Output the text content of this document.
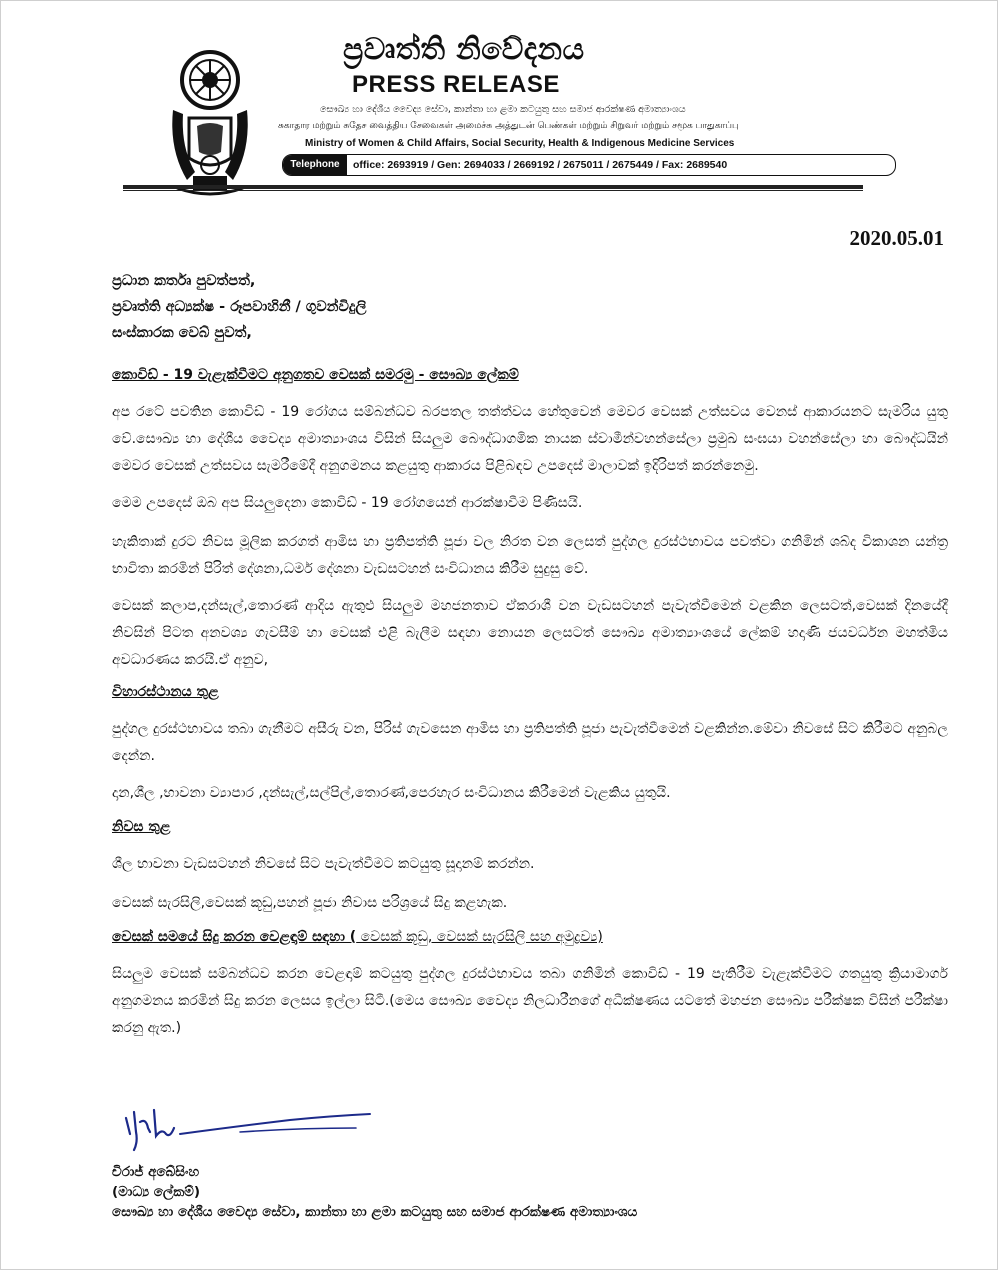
ප්‍රවෘත්ති නිවේදනය
PRESS RELEASE
සෞඛ්‍ය හා දේශීය වෛද්‍ය සේවා, කාන්තා හා ළමා කටයුතු සහ සමාජ ආරක්ෂණ අමාත්‍යාංශය
சுகாதார மற்றும் சுதேச வைத்திய சேவைகள் அமைச்சு அத்துடன் பெண்கள் மற்றும் சிறுவர் மற்றும் சமூக பாதுகாப்பு
Ministry of Women & Child Affairs, Social Security, Health & Indigenous Medicine Services
Telephone	office: 2693919 / Gen: 2694033 / 2669192 / 2675011 / 2675449 / Fax: 2689540
2020.05.01
ප්‍රධාන කර්තෘ පුවත්පත්,
ප්‍රවෘත්ති අධ්‍යක්ෂ - රූපවාහිනී / ගුවන්විදුලි
සංස්කාරක වෙබ් පුවත්,
කොවිඩ් - 19 වැළැක්වීමට අනුගතව වෙසක් සමරමු - සෞඛ්‍ය ලේකම්

අප රටේ පවතින කොවිඩ් - 19 රෝගය සම්බන්ධව බරපතල තත්ත්වය හේතුවෙන් මෙවර වෙසක් උත්සවය වෙනස් ආකාරයනට සැමරිය යුතු වේ.සෞඛ්‍ය හා දේශීය වෛද්‍ය අමාත්‍යාංශය විසින් සියලුම බෞද්ධාගමික නායක ස්වාමීන්වහන්සේලා ප්‍රමුඛ සංඝයා වහන්සේලා හා බෞද්ධයින් මෙවර වෙසක් උත්සවය සැමරීමේදී අනුගමනය කළයුතු ආකාරය පිළිබඳව උපදෙස් මාලාවක් ඉදිරිපත් කරන්නෙමු.

මෙම උපදෙස් ඔබ අප සියලුදෙනා කොවිඩ් - 19 රෝගයෙන් ආරක්ෂාවීම පිණිසයි.

හැකිතාක් දුරට නිවස මූලික කරගත් ආමිස හා ප්‍රතිපත්ති පූජා වල නිරත වන ලෙසත් පුද්ගල දුරස්ථභාවය පවත්වා ගනිමින් ශබ්ද විකාශන යන්ත්‍ර භාවිතා කරමින් පිරිත් දේශනා,ධර්ම දේශනා වැඩසටහන් සංවිධානය කිරීම සුදුසු වේ.

වෙසක් කලාප,දන්සැල්,තොරණ් ආදිය ඇතුළු සියලුම මහජනතාව ඒකරාශී වන වැඩසටහන් පැවැත්වීමෙන් වළකින ලෙසටත්,වෙසක් දිනයේදී නිවසින් පිටත අනවශ්‍ය ගැවසීම් හා වෙසක් එළි බැලීම සඳහා නොයන ලෙසටත් සෞඛ්‍ය අමාත්‍යාංශයේ ලේකම් හදාණි ජයවර්ධන මහත්මිය අවධාරණය කරයි.ඒ අනුව,

විහාරස්ථානය තුළ

පුද්ගල දුරස්ථභාවය තබා ගැනීමට අසීරු වන, පිරිස් ගැවසෙන ආමිස හා ප්‍රතිපත්ති පූජා පැවැත්වීමෙන් වළකින්න.මේවා නිවසේ සිට කිරීමට අනුබල දෙන්න.

දාන,ශීල ,භාවනා ව්‍යාපාර ,දන්සැල්,සල්පිල්,තොරණ්,පෙරහැර සංවිධානය කිරීමෙන් වැළකිය යුතුයි.

නිවස තුළ

ශීල භාවනා වැඩසටහන් නිවසේ සිට පැවැත්වීමට කටයුතු සූදානම් කරන්න.

වෙසක් සැරසිලි,වෙසක් කූඩු,පහන් පූජා නිවාස පරිශ්‍රයේ සිදු කළහැක.

වෙසක් සමයේ සිදු කරන වෙළඳාම් සඳහා ( වෙසක් කූඩු, වෙසක් සැරසිලි සහ අමුද්‍රව්‍ය)

සියලුම වෙසක් සම්බන්ධව කරන වෙළඳාම් කටයුතු පුද්ගල දුරස්ථභාවය තබා ගනිමින් කොවිඩ් - 19 පැතිරීම වැළැක්වීමට ගතයුතු ක්‍රියාමාර්ග අනුගමනය කරමින් සිදු කරන ලෙසය ඉල්ලා සිටී.(මෙය සෞඛ්‍ය වෛද්‍ය නිලධාරීනගේ අධීක්ෂණය යටතේ මහජන සෞඛ්‍ය පරීක්ෂක විසින් පරීක්ෂා කරනු ඇත.)

චිරාජ් අබේසිංහ
(මාධ්‍ය ලේකම්)
සෞඛ්‍ය හා දේශීය වෛද්‍ය සේවා, කාන්තා හා ළමා කටයුතු සහ සමාජ ආරක්ෂණ අමාත්‍යාංශය
